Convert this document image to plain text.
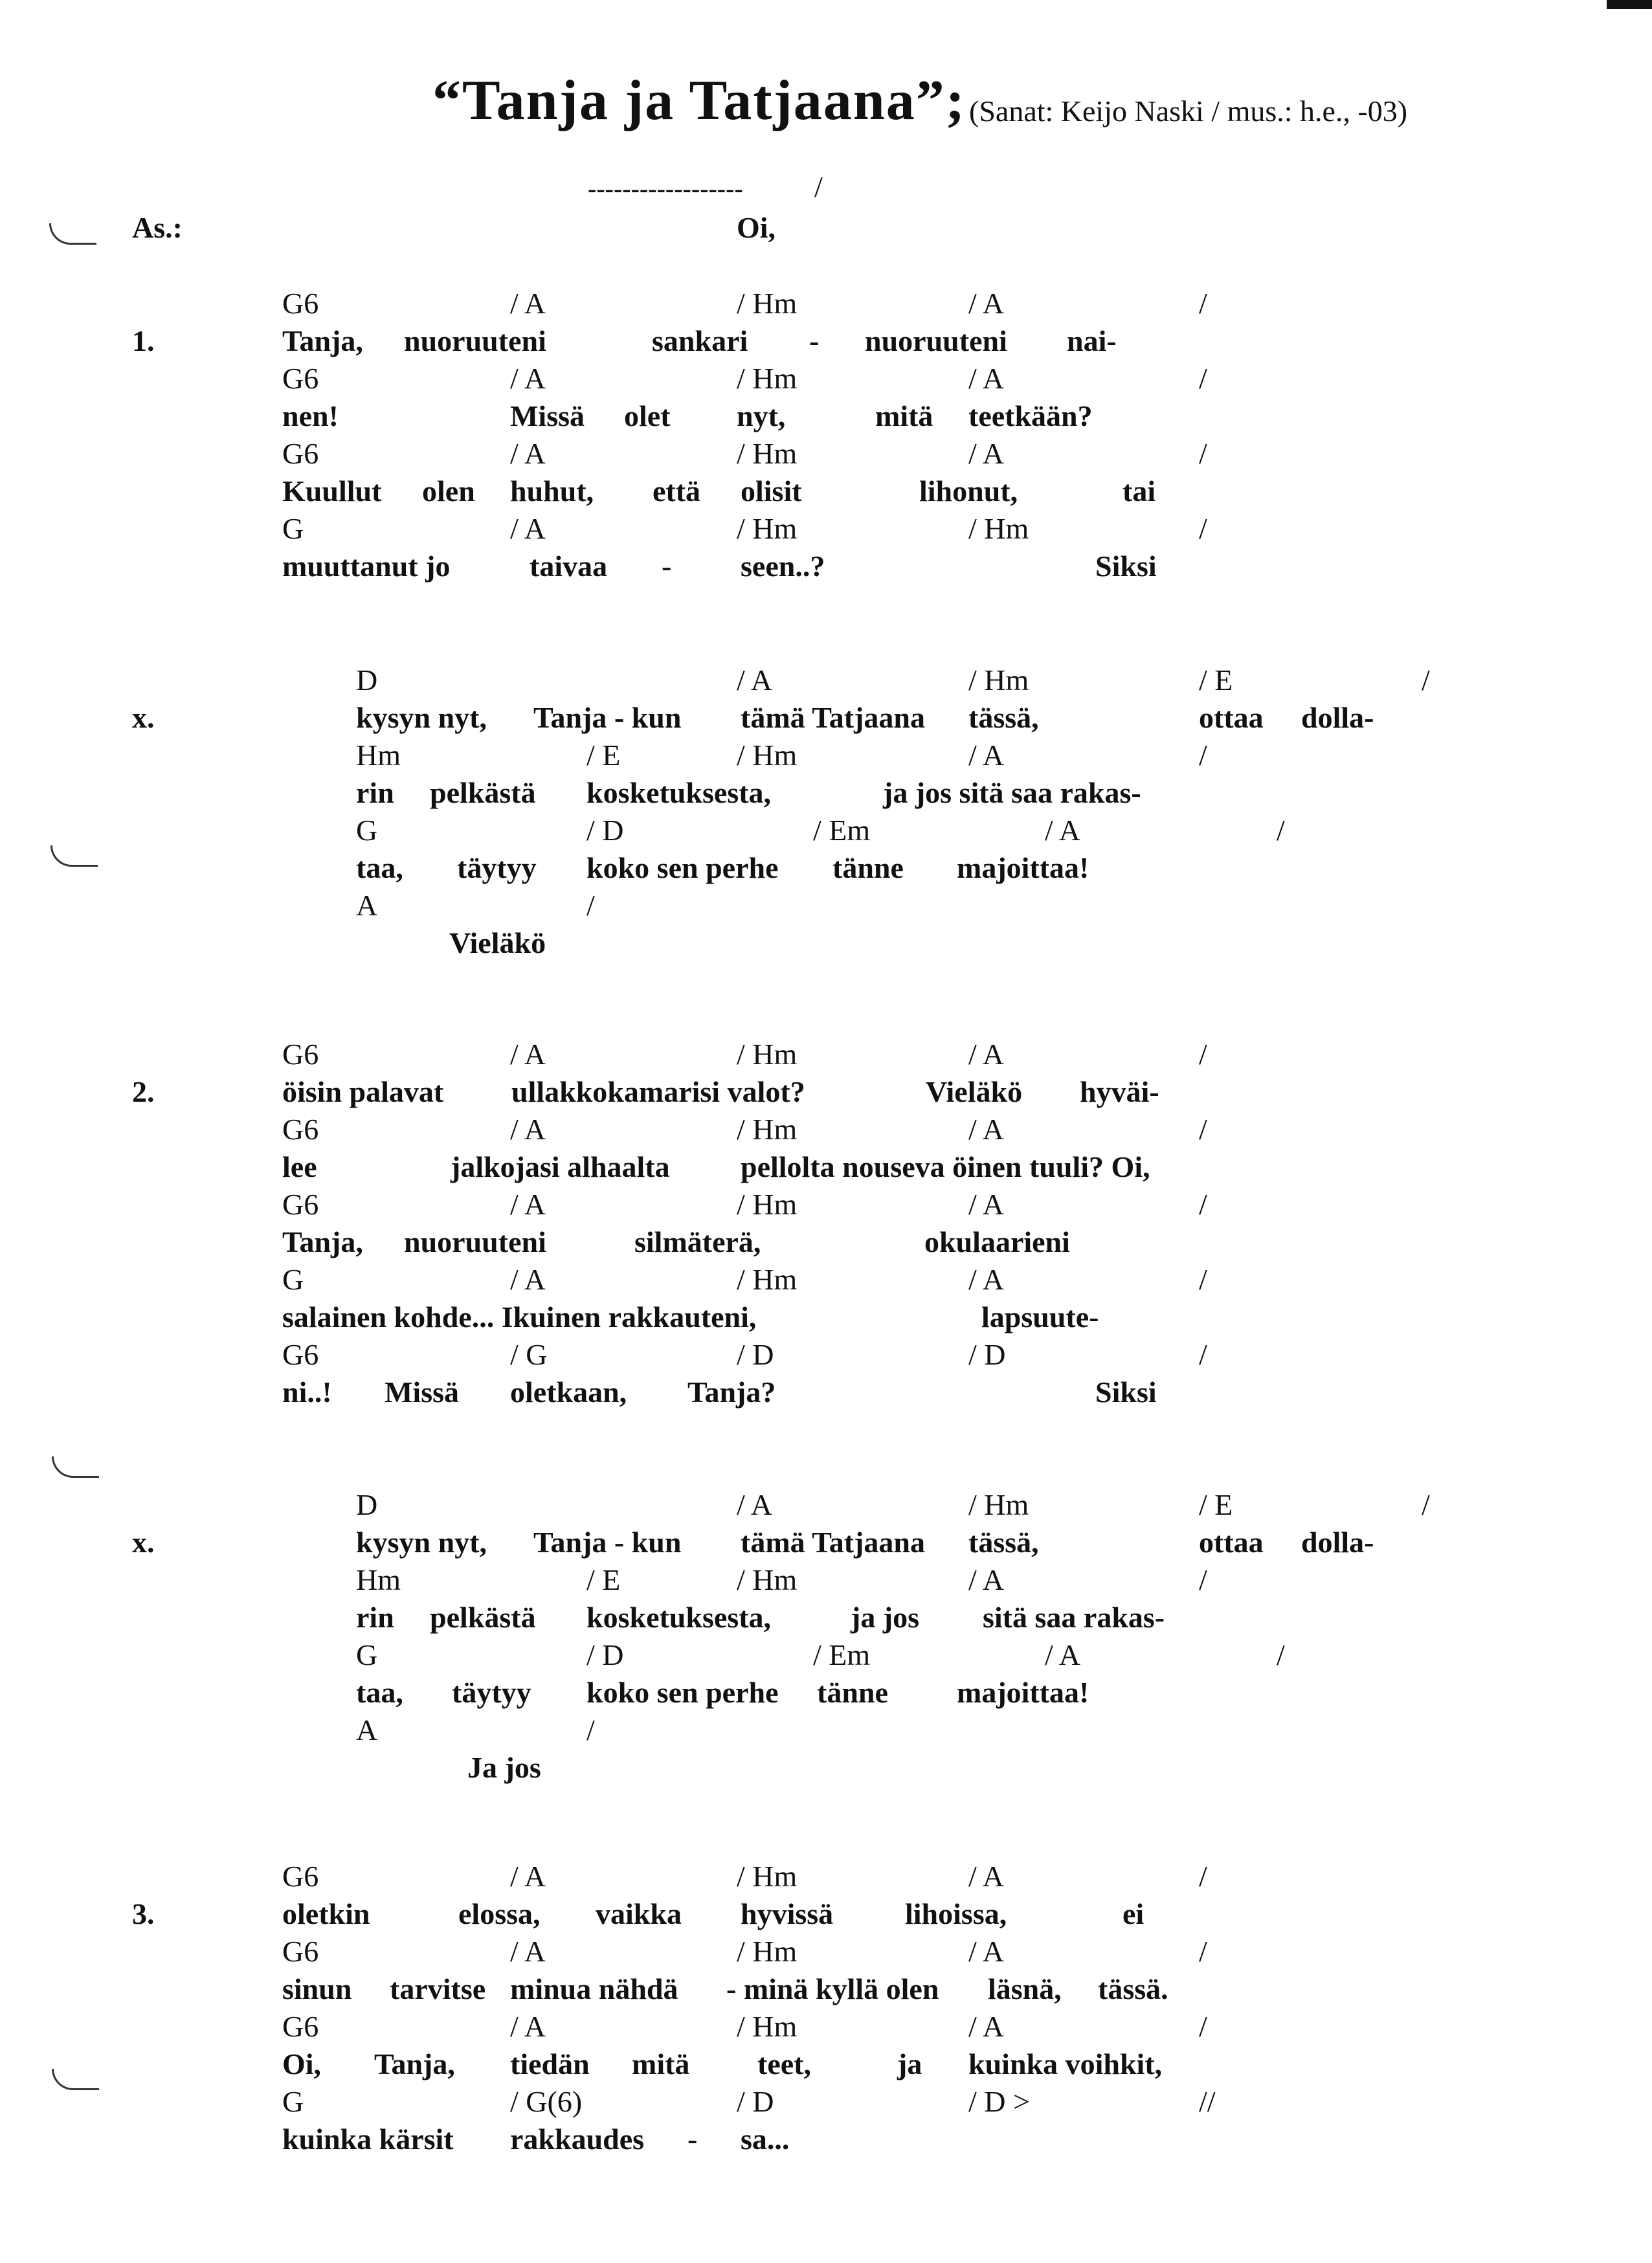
“Tanja ja Tatjaana”; (Sanat: Keijo Naski / mus.: h.e., -03)
------------------ /
As.:	Oi,
1.
G6	/ A	/ Hm	/ A	/
Tanja, nuoruuteni	sankari - nuoruuteni nai-
G6	/ A	/ Hm	/ A	/
nen!	Missä olet nyt,	mitä teetkään?
G6	/ A	/ Hm	/ A	/
Kuullut olen huhut, että olisit	lihonut,	tai
G	/ A	/ Hm	/ Hm	/
muuttanut jo	taivaa - seen..?	Siksi
x.
D	/ A	/ Hm	/ E	/
kysyn nyt, Tanja - kun tämä Tatjaana tässä,	ottaa dolla-
Hm	/ E	/ Hm	/ A	/
rin pelkästä kosketuksesta,	ja jos sitä saa rakas-
G	/ D	/ Em	/ A	/
taa, täytyy koko sen perhe tänne majoittaa!
A	/
Vieläkö
2.
G6	/ A	/ Hm	/ A	/
öisin palavat ullakkokamarisi valot?	Vieläkö hyväi-
G6	/ A	/ Hm	/ A	/
lee	jalkojasi alhaalta pellolta nouseva öinen tuuli? Oi,
G6	/ A	/ Hm	/ A	/
Tanja, nuoruuteni	silmäterä,	okulaarieni
G	/ A	/ Hm	/ A	/
salainen kohde... Ikuinen rakkauteni,	lapsuute-
G6	/ G	/ D	/ D	/
ni..! Missä oletkaan, Tanja?	Siksi
x.
D	/ A	/ Hm	/ E	/
kysyn nyt, Tanja - kun tämä Tatjaana tässä,	ottaa dolla-
Hm	/ E	/ Hm	/ A	/
rin pelkästä kosketuksesta,	ja jos sitä saa rakas-
G	/ D	/ Em	/ A	/
taa, täytyy koko sen perhe tänne majoittaa!
A	/
Ja jos
3.
G6	/ A	/ Hm	/ A	/
oletkin	elossa, vaikka hyvissä lihoissa,	ei
G6	/ A	/ Hm	/ A	/
sinun tarvitse minua nähdä - minä kyllä olen läsnä, tässä.
G6	/ A	/ Hm	/ A	/
Oi, Tanja, tiedän mitä teet,	ja kuinka voihkit,
G	/ G(6)	/ D	/ D >	//
kuinka kärsit rakkaudes - sa...
